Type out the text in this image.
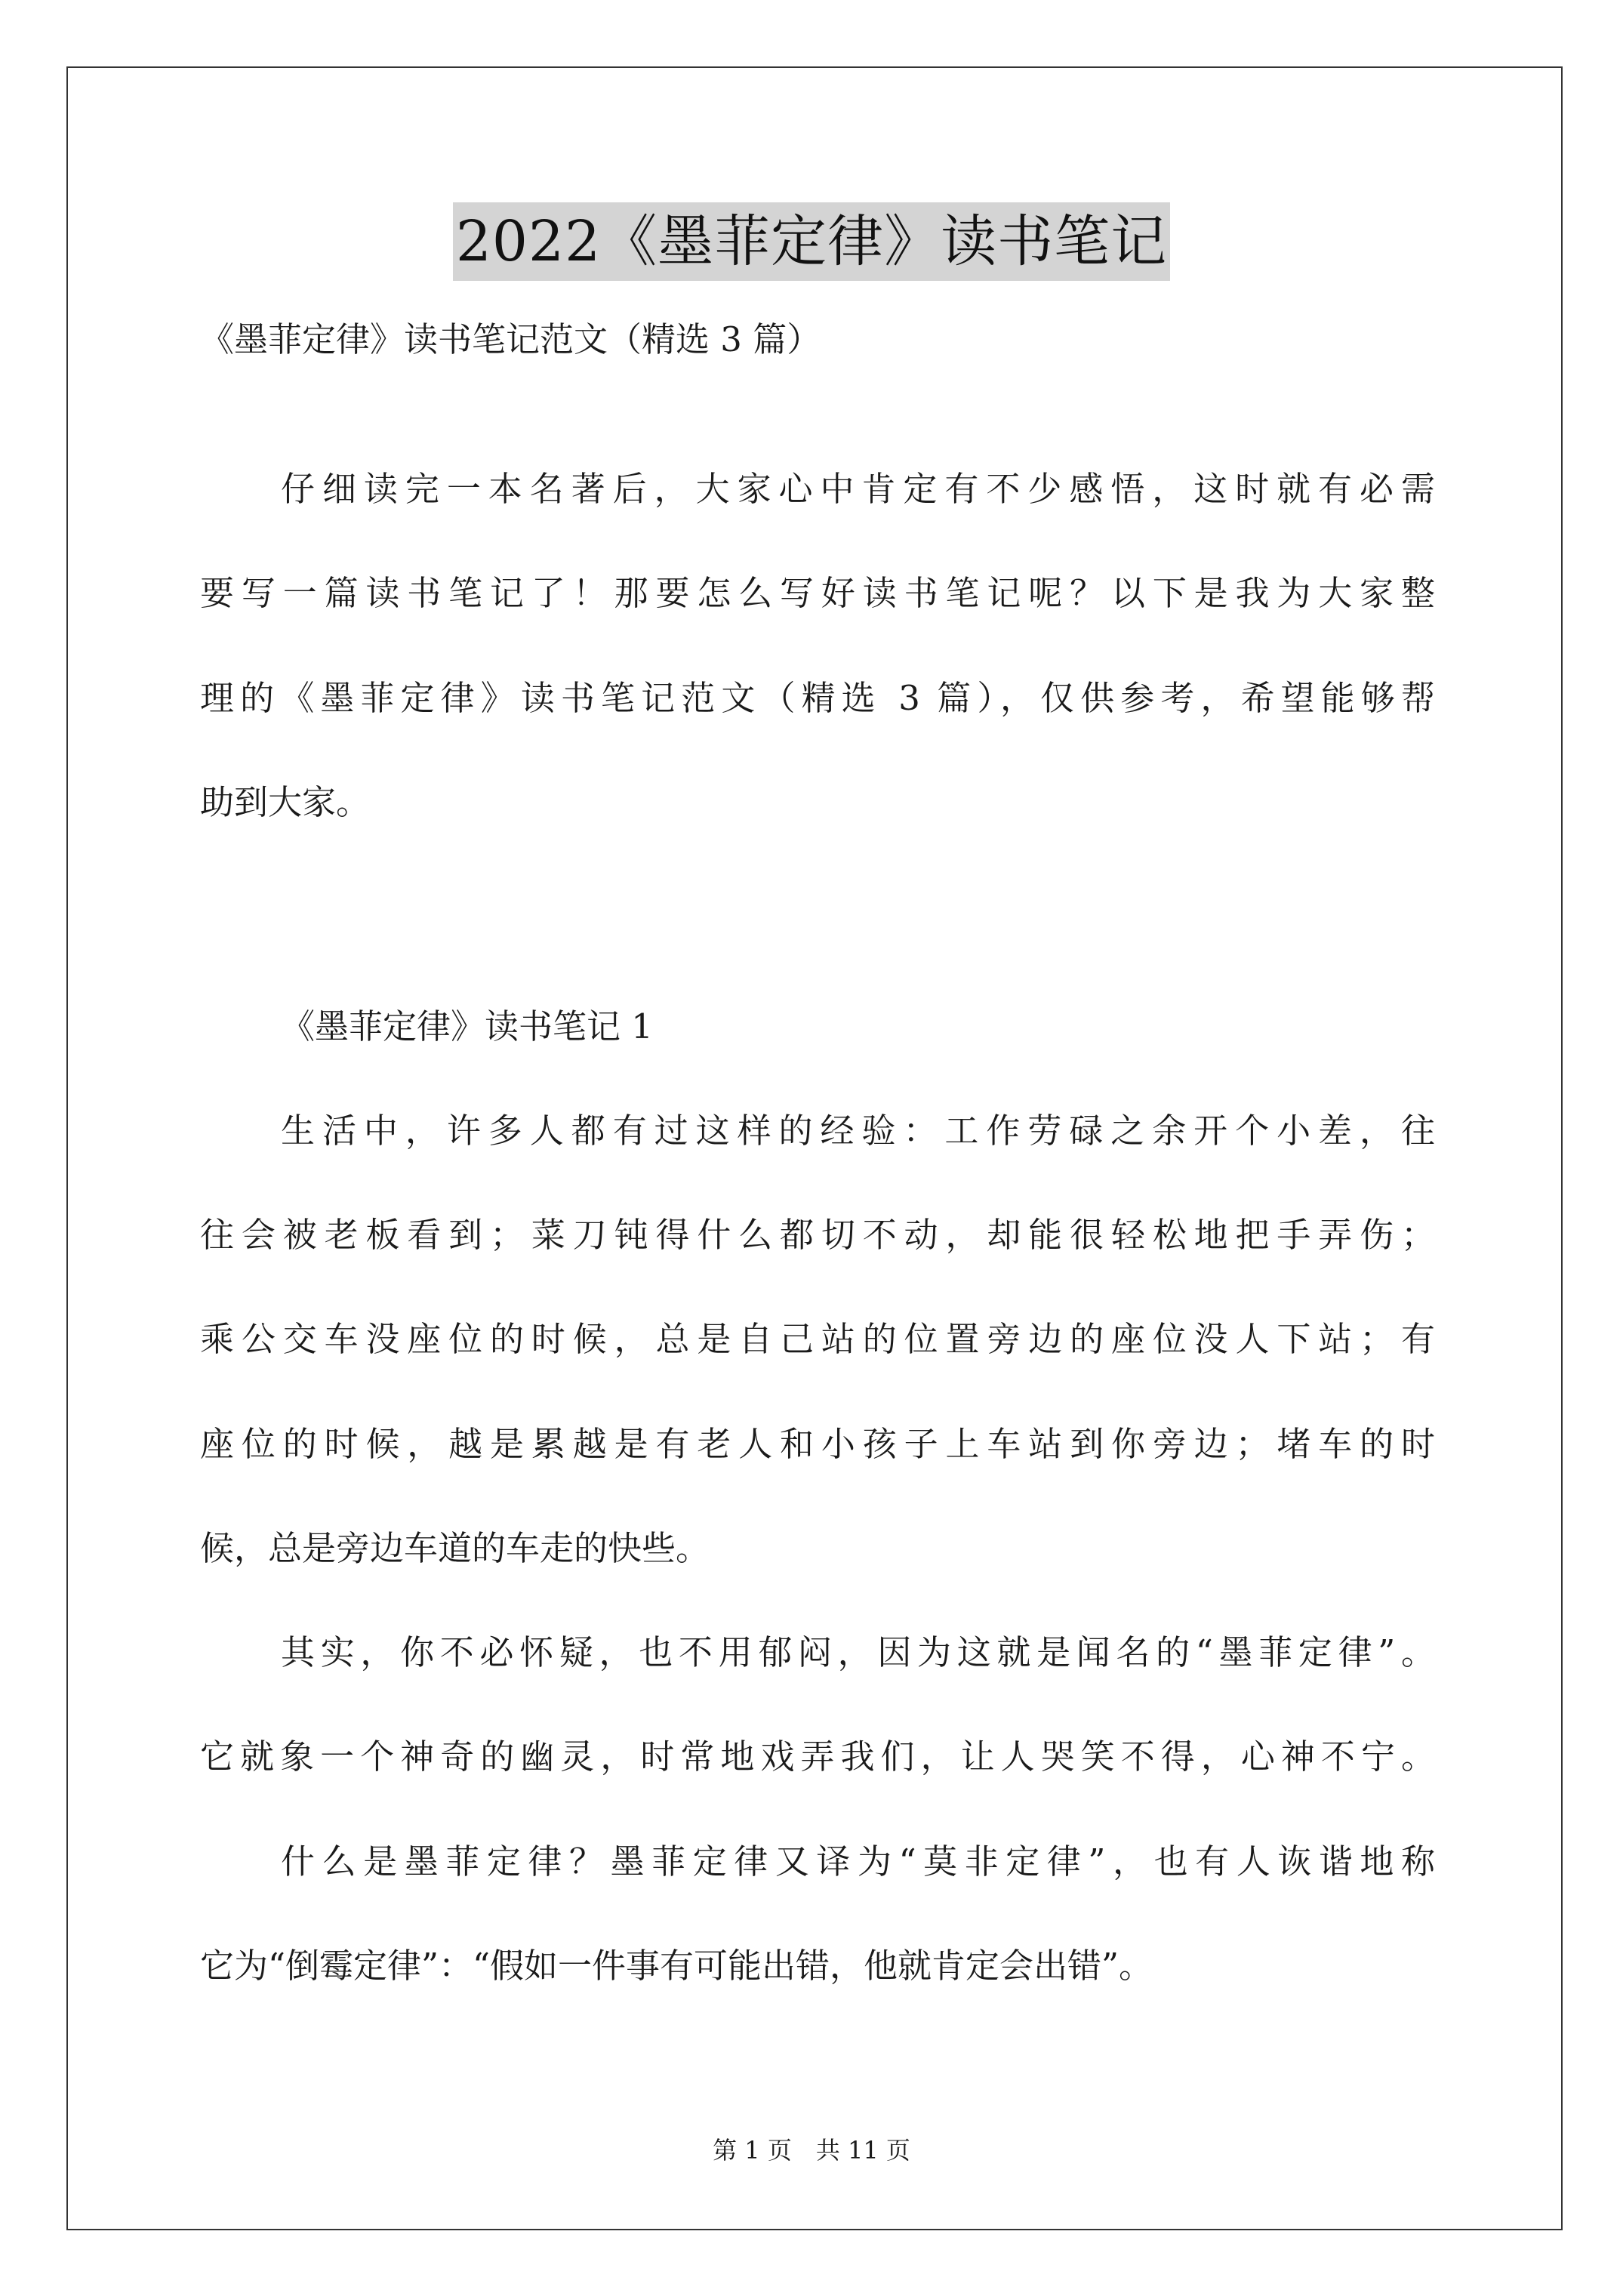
2022《墨菲定律》读书笔记
《墨菲定律》读书笔记范文（精选 3 篇）
仔细读完一本名著后，大家心中肯定有不少感悟，这时就有必需
要写一篇读书笔记了！那要怎么写好读书笔记呢？以下是我为大家整
理的《墨菲定律》读书笔记范文（精选 3 篇），仅供参考，希望能够帮
助到大家。
《墨菲定律》读书笔记 1
生活中，许多人都有过这样的经验：工作劳碌之余开个小差，往
往会被老板看到；菜刀钝得什么都切不动，却能很轻松地把手弄伤；
乘公交车没座位的时候，总是自己站的位置旁边的座位没人下站；有
座位的时候，越是累越是有老人和小孩子上车站到你旁边；堵车的时
候，总是旁边车道的车走的快些。
其实，你不必怀疑，也不用郁闷，因为这就是闻名的“墨菲定律”。
它就象一个神奇的幽灵，时常地戏弄我们，让人哭笑不得，心神不宁。
什么是墨菲定律？墨菲定律又译为“莫非定律”，也有人诙谐地称
它为“倒霉定律”：“假如一件事有可能出错，他就肯定会出错”。
第 1 页　共 11 页
